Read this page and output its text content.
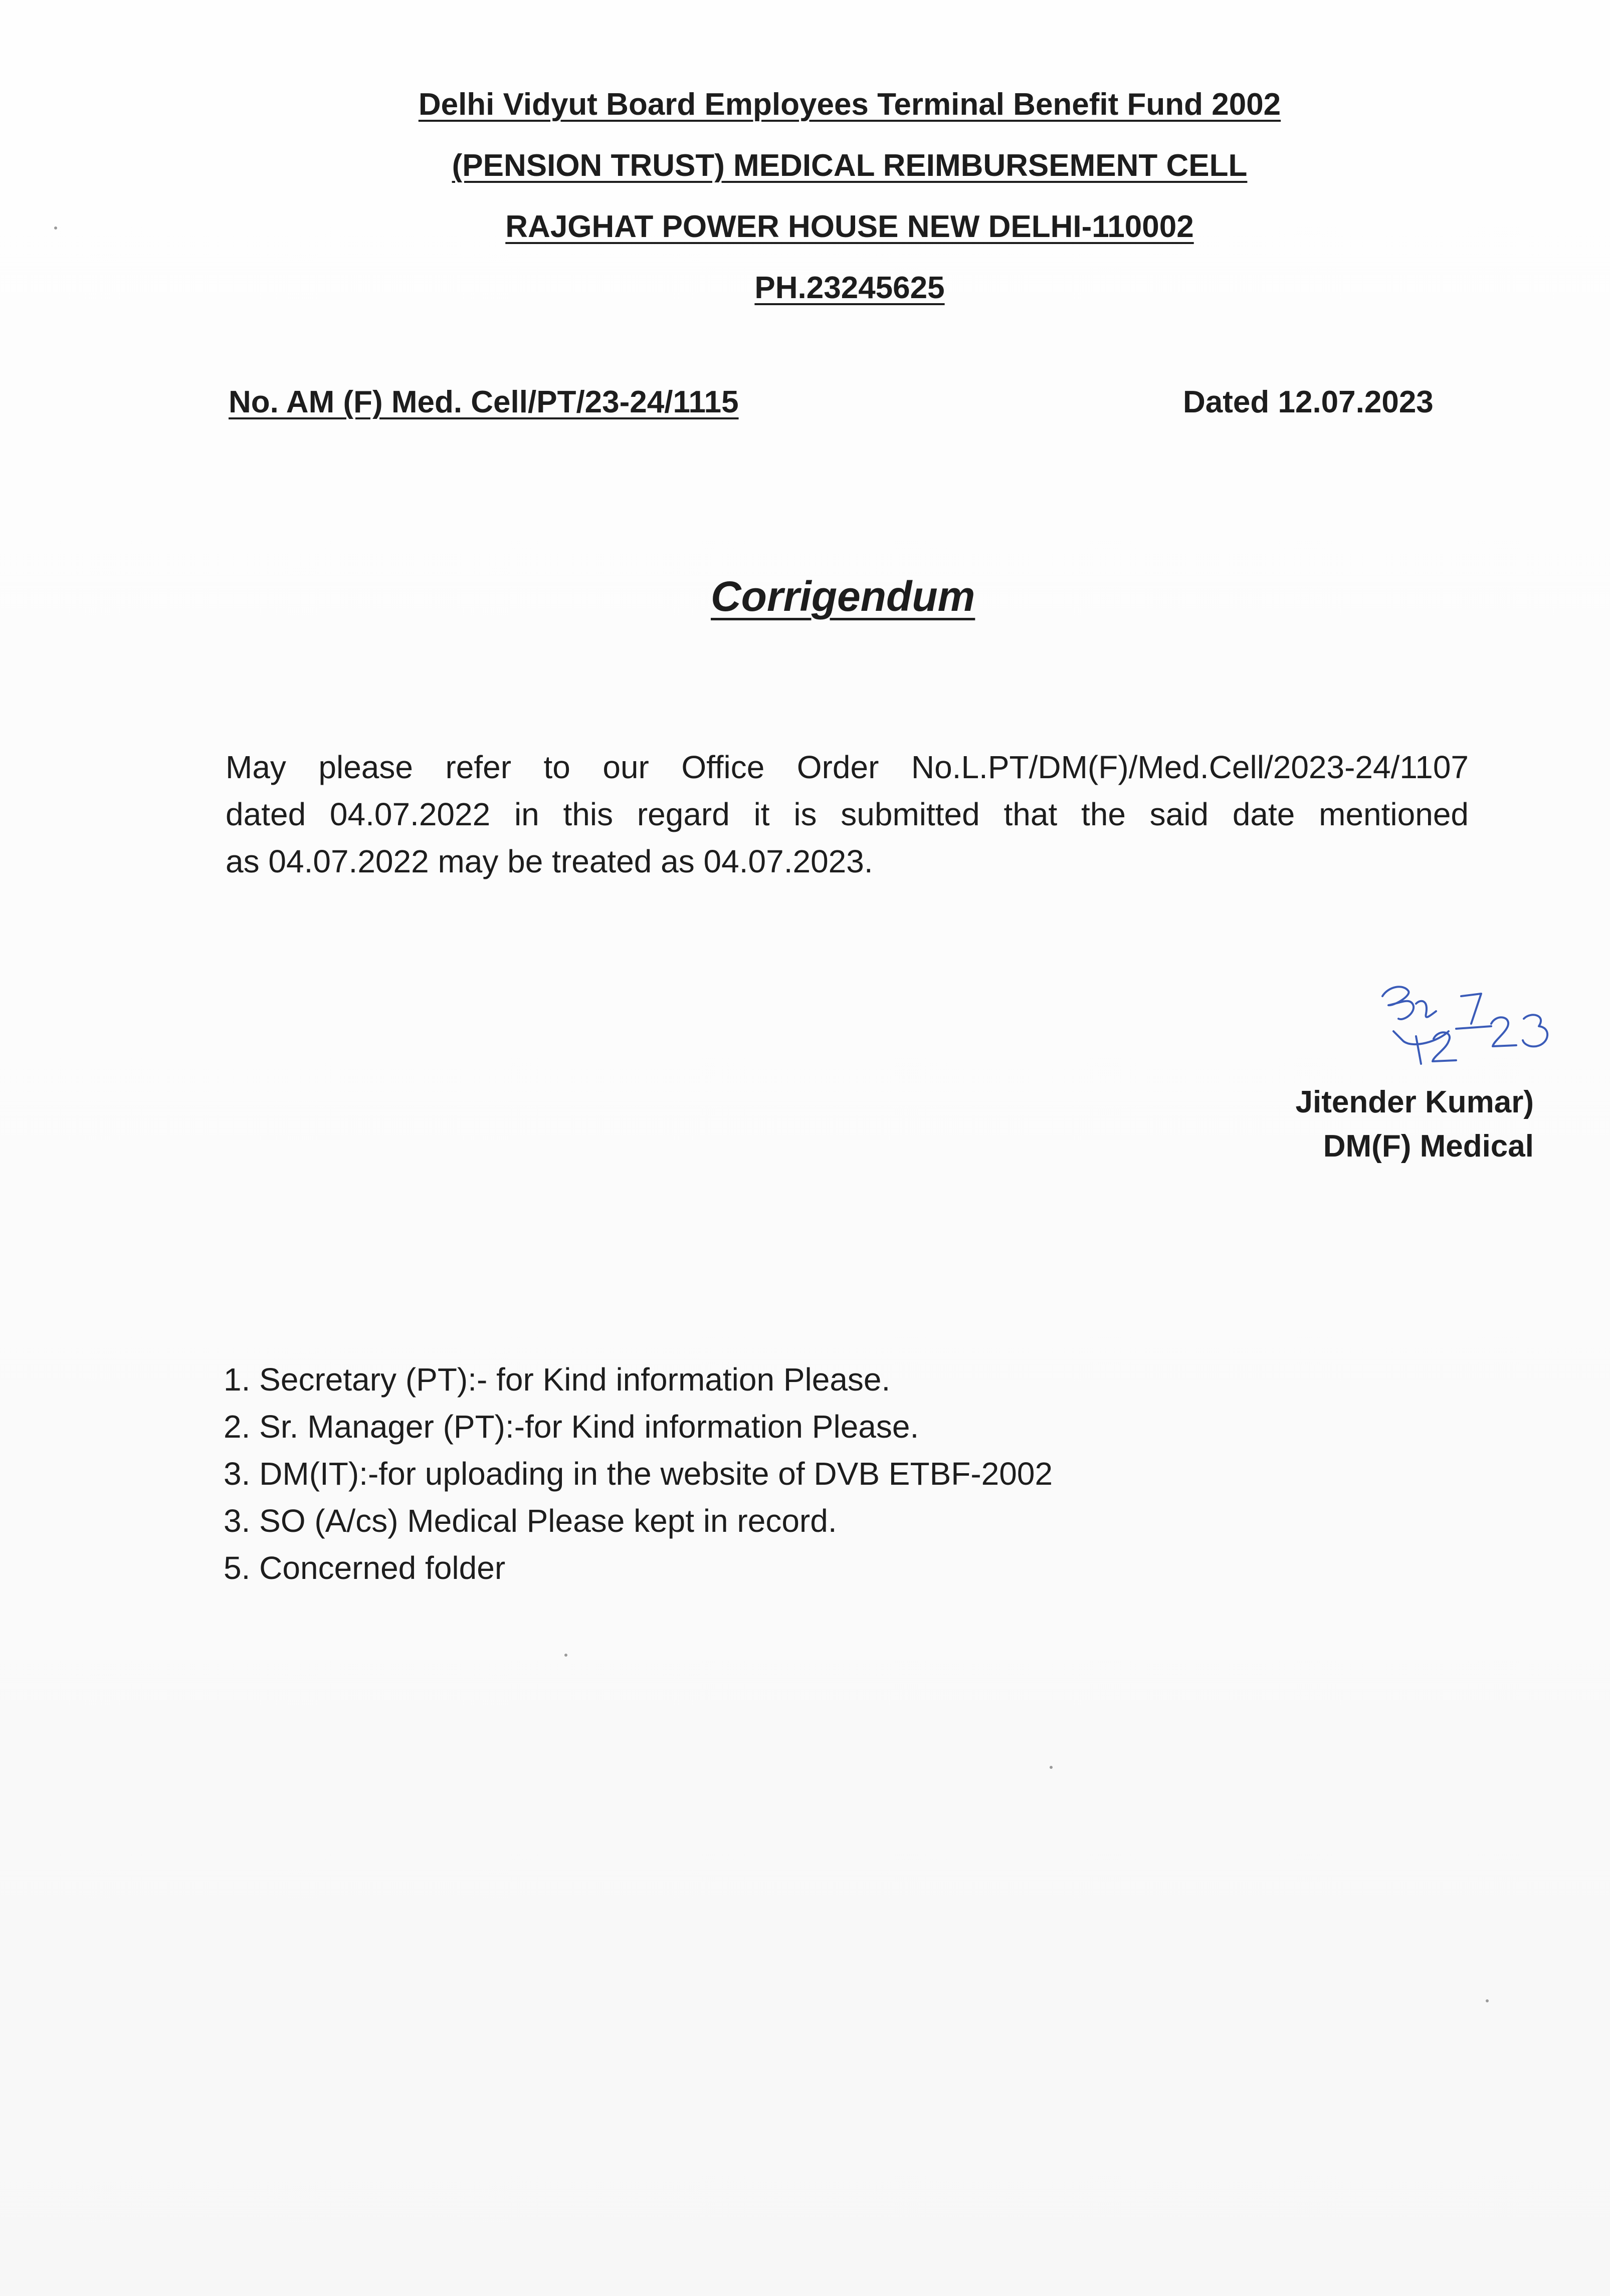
Delhi Vidyut Board Employees Terminal Benefit Fund 2002
(PENSION TRUST) MEDICAL REIMBURSEMENT CELL
RAJGHAT POWER HOUSE NEW DELHI-110002
PH.23245625
No. AM (F) Med. Cell/PT/23-24/1115	Dated 12.07.2023
Corrigendum
May please refer to our Office Order No.L.PT/DM(F)/Med.Cell/2023-24/1107
dated 04.07.2022 in this regard it is submitted that the said date mentioned
as 04.07.2022 may be treated as 04.07.2023.
Jitender Kumar)
DM(F) Medical
1. Secretary (PT):- for Kind information Please.
2. Sr. Manager (PT):-for Kind information Please.
3. DM(IT):-for uploading in the website of DVB ETBF-2002
3. SO (A/cs) Medical Please kept in record.
5. Concerned folder
